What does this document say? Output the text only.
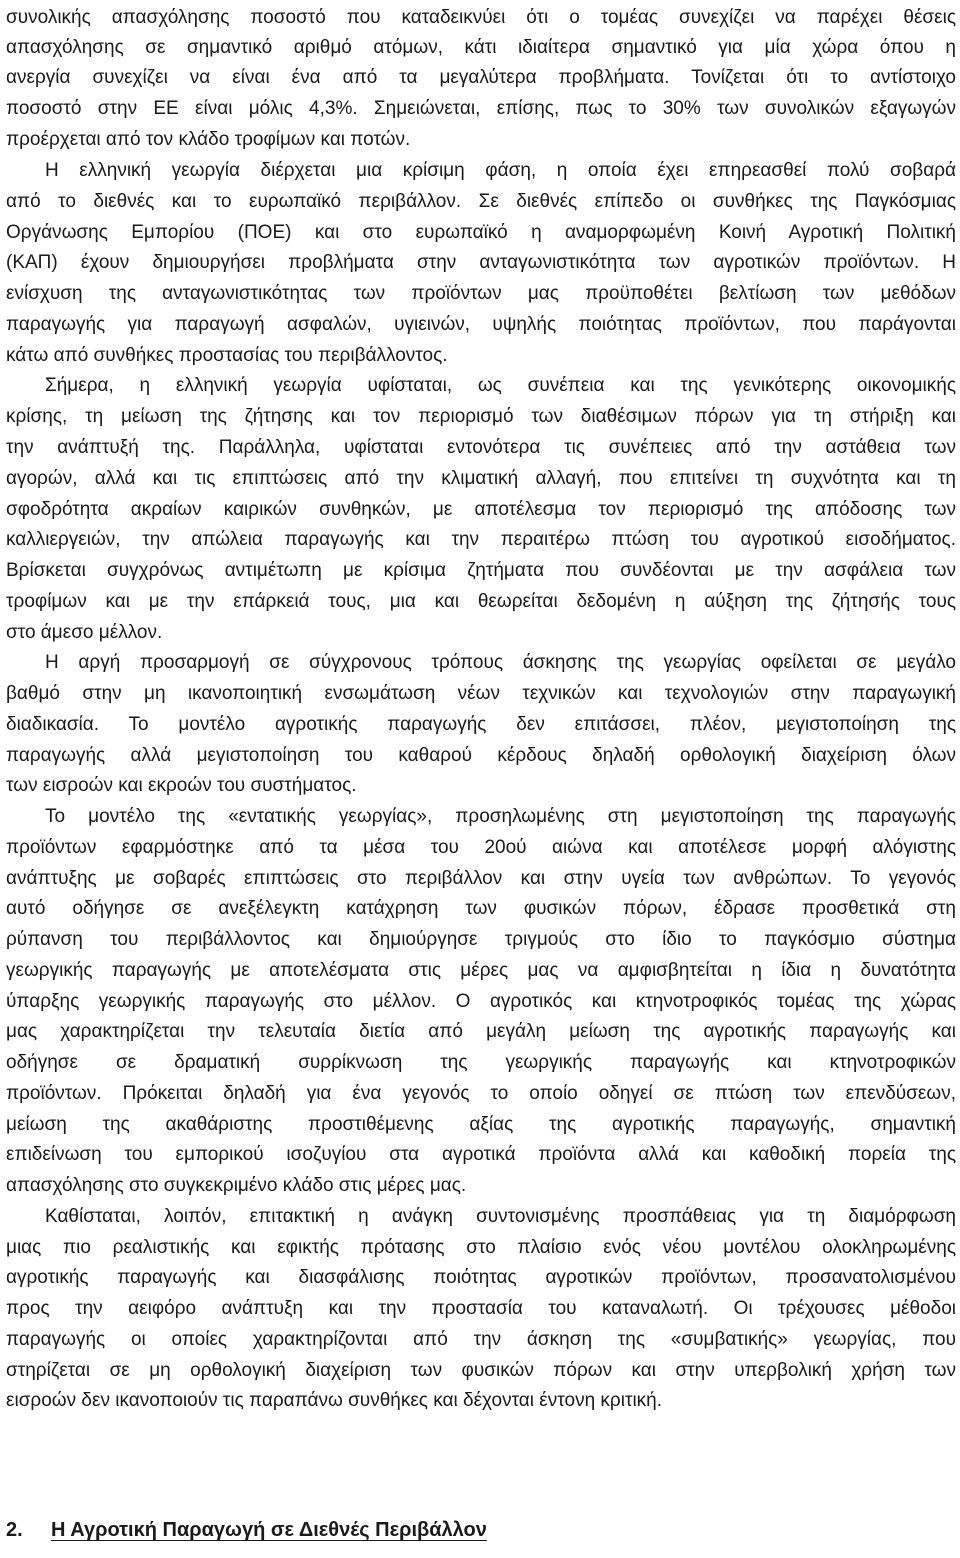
συνολικής απασχόλησης ποσοστό που καταδεικνύει ότι ο τομέας συνεχίζει να παρέχει θέσεις
απασχόλησης σε σημαντικό αριθμό ατόμων, κάτι ιδιαίτερα σημαντικό για μία χώρα όπου η
ανεργία συνεχίζει να είναι ένα από τα μεγαλύτερα προβλήματα. Τονίζεται ότι το αντίστοιχο
ποσοστό στην ΕΕ είναι μόλις 4,3%. Σημειώνεται, επίσης, πως το 30% των συνολικών εξαγωγών
προέρχεται από τον κλάδο τροφίμων και ποτών.
Η ελληνική γεωργία διέρχεται μια κρίσιμη φάση, η οποία έχει επηρεασθεί πολύ σοβαρά
από το διεθνές και το ευρωπαϊκό περιβάλλον. Σε διεθνές επίπεδο οι συνθήκες της Παγκόσμιας
Οργάνωσης Εμπορίου (ΠΟΕ) και στο ευρωπαϊκό η αναμορφωμένη Κοινή Αγροτική Πολιτική
(ΚΑΠ) έχουν δημιουργήσει προβλήματα στην ανταγωνιστικότητα των αγροτικών προϊόντων. Η
ενίσχυση της ανταγωνιστικότητας των προϊόντων μας προϋποθέτει βελτίωση των μεθόδων
παραγωγής για παραγωγή ασφαλών, υγιεινών, υψηλής ποιότητας προϊόντων, που παράγονται
κάτω από συνθήκες προστασίας του περιβάλλοντος.
Σήμερα, η ελληνική γεωργία υφίσταται, ως συνέπεια και της γενικότερης οικονομικής
κρίσης, τη μείωση της ζήτησης και τον περιορισμό των διαθέσιμων πόρων για τη στήριξη και
την ανάπτυξή της. Παράλληλα, υφίσταται εντονότερα τις συνέπειες από την αστάθεια των
αγορών, αλλά και τις επιπτώσεις από την κλιματική αλλαγή, που επιτείνει τη συχνότητα και τη
σφοδρότητα ακραίων καιρικών συνθηκών, με αποτέλεσμα τον περιορισμό της απόδοσης των
καλλιεργειών, την απώλεια παραγωγής και την περαιτέρω πτώση του αγροτικού εισοδήματος.
Βρίσκεται συγχρόνως αντιμέτωπη με κρίσιμα ζητήματα που συνδέονται με την ασφάλεια των
τροφίμων και με την επάρκειά τους, μια και θεωρείται δεδομένη η αύξηση της ζήτησής τους
στο άμεσο μέλλον.
Η αργή προσαρμογή σε σύγχρονους τρόπους άσκησης της γεωργίας οφείλεται σε μεγάλο
βαθμό στην μη ικανοποιητική ενσωμάτωση νέων τεχνικών και τεχνολογιών στην παραγωγική
διαδικασία. Το μοντέλο αγροτικής παραγωγής δεν επιτάσσει, πλέον, μεγιστοποίηση της
παραγωγής αλλά μεγιστοποίηση του καθαρού κέρδους δηλαδή ορθολογική διαχείριση όλων
των εισροών και εκροών του συστήματος.
Το μοντέλο της «εντατικής γεωργίας», προσηλωμένης στη μεγιστοποίηση της παραγωγής
προϊόντων εφαρμόστηκε από τα μέσα του 20ού αιώνα και αποτέλεσε μορφή αλόγιστης
ανάπτυξης με σοβαρές επιπτώσεις στο περιβάλλον και στην υγεία των ανθρώπων. Το γεγονός
αυτό οδήγησε σε ανεξέλεγκτη κατάχρηση των φυσικών πόρων, έδρασε προσθετικά στη
ρύπανση του περιβάλλοντος και δημιούργησε τριγμούς στο ίδιο το παγκόσμιο σύστημα
γεωργικής παραγωγής με αποτελέσματα στις μέρες μας να αμφισβητείται η ίδια η δυνατότητα
ύπαρξης γεωργικής παραγωγής στο μέλλον. Ο αγροτικός και κτηνοτροφικός τομέας της χώρας
μας χαρακτηρίζεται την τελευταία διετία από μεγάλη μείωση της αγροτικής παραγωγής και
οδήγησε σε δραματική συρρίκνωση της γεωργικής παραγωγής και κτηνοτροφικών
προϊόντων. Πρόκειται δηλαδή για ένα γεγονός το οποίο οδηγεί σε πτώση των επενδύσεων,
μείωση της ακαθάριστης προστιθέμενης αξίας της αγροτικής παραγωγής, σημαντική
επιδείνωση του εμπορικού ισοζυγίου στα αγροτικά προϊόντα αλλά και καθοδική πορεία της
απασχόλησης στο συγκεκριμένο κλάδο στις μέρες μας.
Καθίσταται, λοιπόν, επιτακτική η ανάγκη συντονισμένης προσπάθειας για τη διαμόρφωση
μιας πιο ρεαλιστικής και εφικτής πρότασης στο πλαίσιο ενός νέου μοντέλου ολοκληρωμένης
αγροτικής παραγωγής και διασφάλισης ποιότητας αγροτικών προϊόντων, προσανατολισμένου
προς την αειφόρο ανάπτυξη και την προστασία του καταναλωτή. Οι τρέχουσες μέθοδοι
παραγωγής οι οποίες χαρακτηρίζονται από την άσκηση της «συμβατικής» γεωργίας, που
στηρίζεται σε μη ορθολογική διαχείριση των φυσικών πόρων και στην υπερβολική χρήση των
εισροών δεν ικανοποιούν τις παραπάνω συνθήκες και δέχονται έντονη κριτική.
2. Η Αγροτική Παραγωγή σε Διεθνές Περιβάλλον
